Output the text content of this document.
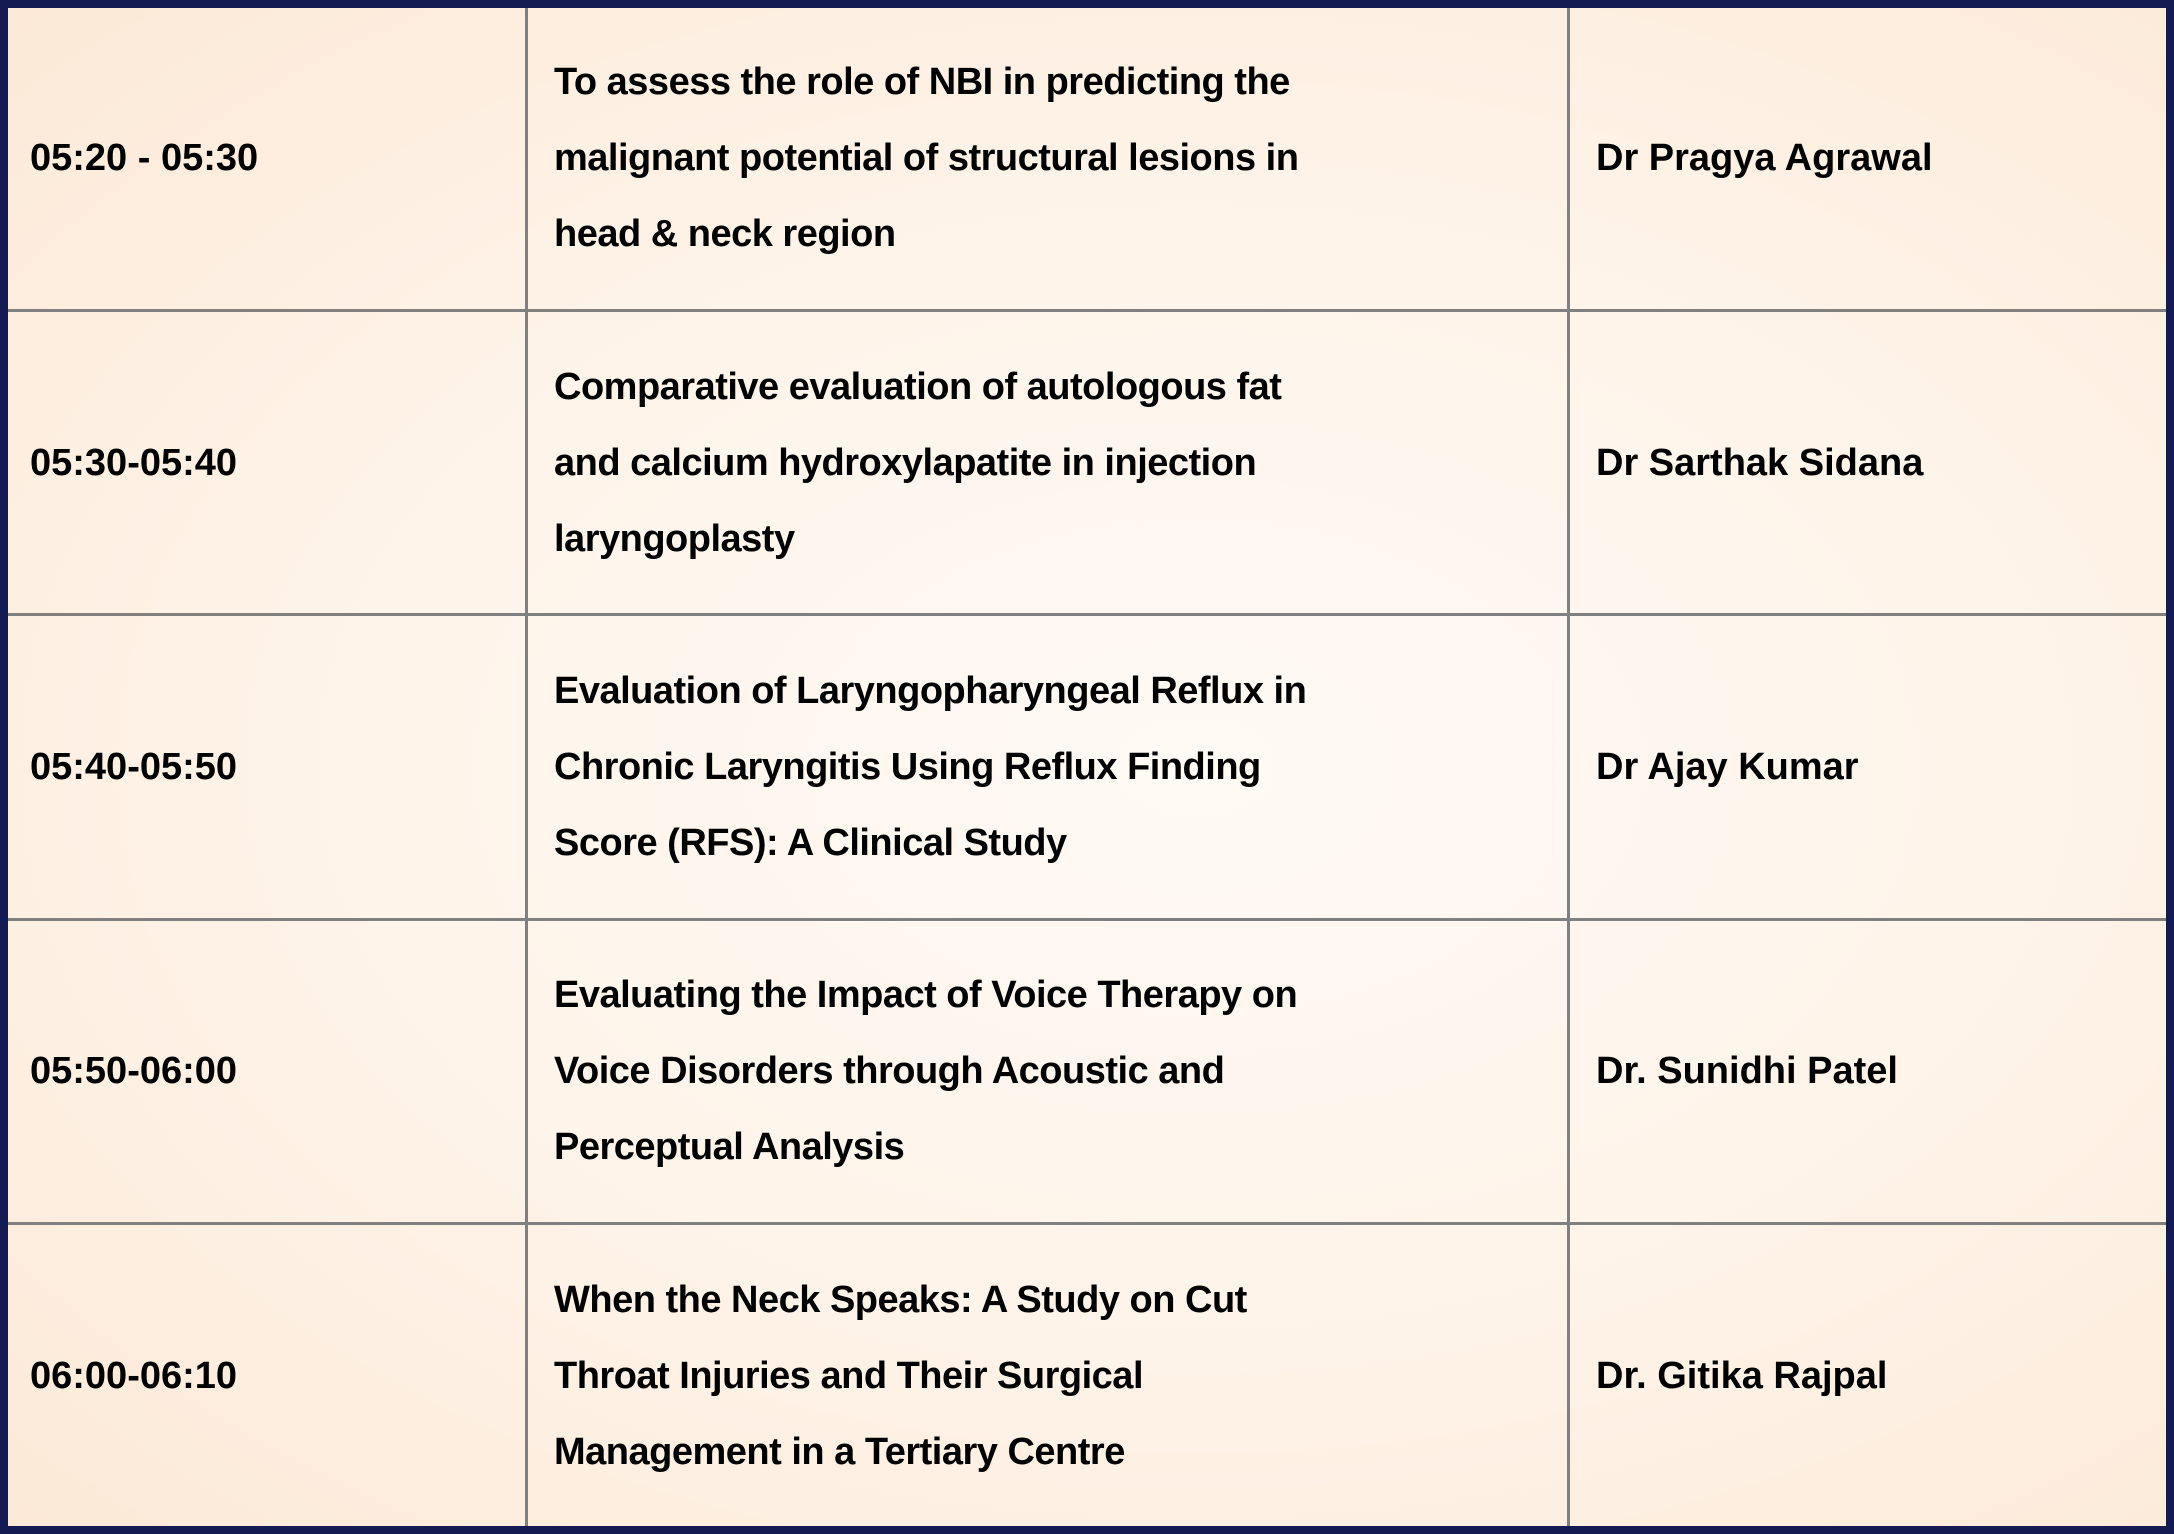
05:20 - 05:30	To assess the role of NBI in predicting the
malignant potential of structural lesions in
head & neck region	Dr Pragya Agrawal
05:30-05:40	Comparative evaluation of autologous fat
and calcium hydroxylapatite in injection
laryngoplasty	Dr Sarthak Sidana
05:40-05:50	Evaluation of Laryngopharyngeal Reflux in
Chronic Laryngitis Using Reflux Finding
Score (RFS): A Clinical Study	Dr Ajay Kumar
05:50-06:00	Evaluating the Impact of Voice Therapy on
Voice Disorders through Acoustic and
Perceptual Analysis	Dr. Sunidhi Patel
06:00-06:10	When the Neck Speaks: A Study on Cut
Throat Injuries and Their Surgical
Management in a Tertiary Centre	Dr. Gitika Rajpal
